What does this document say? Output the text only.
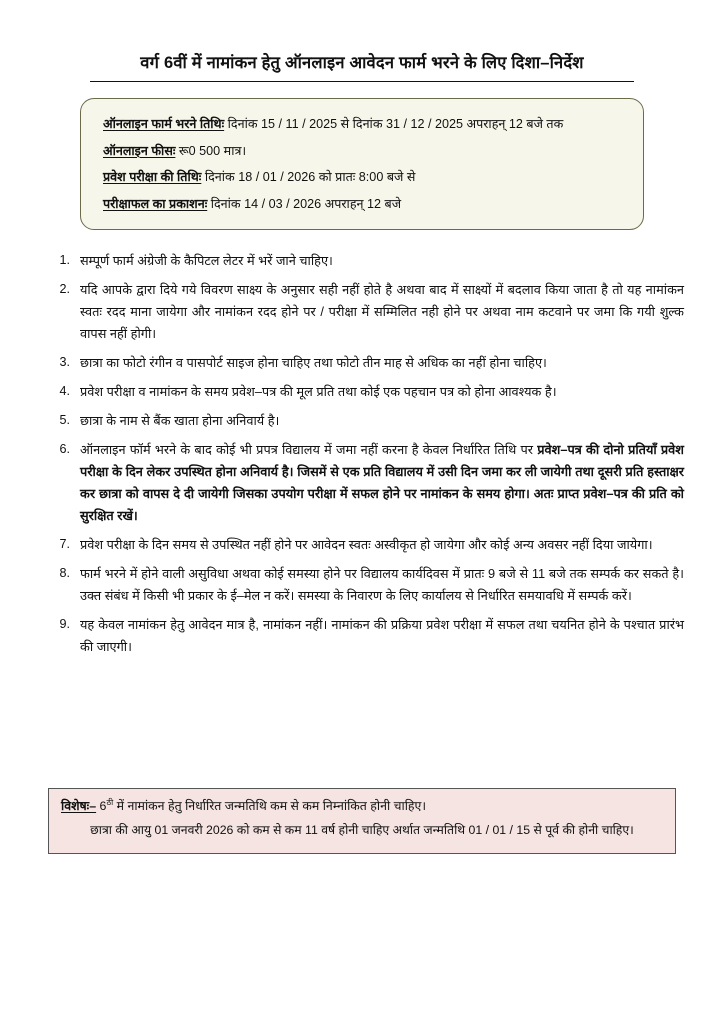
वर्ग 6वीं में नामांकन हेतु ऑनलाइन आवेदन फार्म भरने के लिए दिशा–निर्देश
ऑनलाइन फार्म भरने तिथिः दिनांक 15 / 11 / 2025 से दिनांक 31 / 12 / 2025 अपराहन् 12 बजे तक
ऑनलाइन फीसः रू0 500 मात्र।
प्रवेश परीक्षा की तिथिः दिनांक 18 / 01 / 2026 को प्रातः 8:00 बजे से
परीक्षाफल का प्रकाशनः दिनांक 14 / 03 / 2026 अपराहन् 12 बजे
1. सम्पूर्ण फार्म अंग्रेजी के कैपिटल लेटर में भरें जाने चाहिए।
2. यदि आपके द्वारा दिये गये विवरण साक्ष्य के अनुसार सही नहीं होते है अथवा बाद में साक्ष्यों में बदलाव किया जाता है तो यह नामांकन स्वतः रदद माना जायेगा और नामांकन रदद होने पर / परीक्षा में सम्मिलित नही होने पर अथवा नाम कटवाने पर जमा कि गयी शुल्क वापस नहीं होगी।
3. छात्रा का फोटो रंगीन व पासपोर्ट साइज होना चाहिए तथा फोटो तीन माह से अधिक का नहीं होना चाहिए।
4. प्रवेश परीक्षा व नामांकन के समय प्रवेश–पत्र की मूल प्रति तथा कोई एक पहचान पत्र को होना आवश्यक है।
5. छात्रा के नाम से बैंक खाता होना अनिवार्य है।
6. ऑनलाइन फॉर्म भरने के बाद कोई भी प्रपत्र विद्यालय में जमा नहीं करना है केवल निर्धारित तिथि पर प्रवेश–पत्र की दोनो प्रतियॉं प्रवेश परीक्षा के दिन लेकर उपस्थित होना अनिवार्य है। जिसमें से एक प्रति विद्यालय में उसी दिन जमा कर ली जायेगी तथा दूसरी प्रति हस्ताक्षर कर छात्रा को वापस दे दी जायेगी जिसका उपयोग परीक्षा में सफल होने पर नामांकन के समय होगा। अतः प्राप्त प्रवेश–पत्र की प्रति को सुरक्षित रखें।
7. प्रवेश परीक्षा के दिन समय से उपस्थित नहीं होने पर आवेदन स्वतः अस्वीकृत हो जायेगा और कोई अन्य अवसर नहीं दिया जायेगा।
8. फार्म भरने में होने वाली असुविधा अथवा कोई समस्या होने पर विद्यालय कार्यदिवस में प्रातः 9 बजे से 11 बजे तक सम्पर्क कर सकते है। उक्त संबंध में किसी भी प्रकार के ई–मेल न करें। समस्या के निवारण के लिए कार्यालय से निर्धारित समयावधि में सम्पर्क करें।
9. यह केवल नामांकन हेतु आवेदन मात्र है, नामांकन नहीं। नामांकन की प्रक्रिया प्रवेश परीक्षा में सफल तथा चयनित होने के पश्चात प्रारंभ की जाएगी।
विशेषः– $6^{ठी}$ में नामांकन हेतु निर्धारित जन्मतिथि कम से कम निम्नांकित होनी चाहिए।
छात्रा की आयु 01 जनवरी 2026 को कम से कम 11 वर्ष होनी चाहिए अर्थात जन्मतिथि 01 / 01 / 15 से पूर्व की होनी चाहिए।
